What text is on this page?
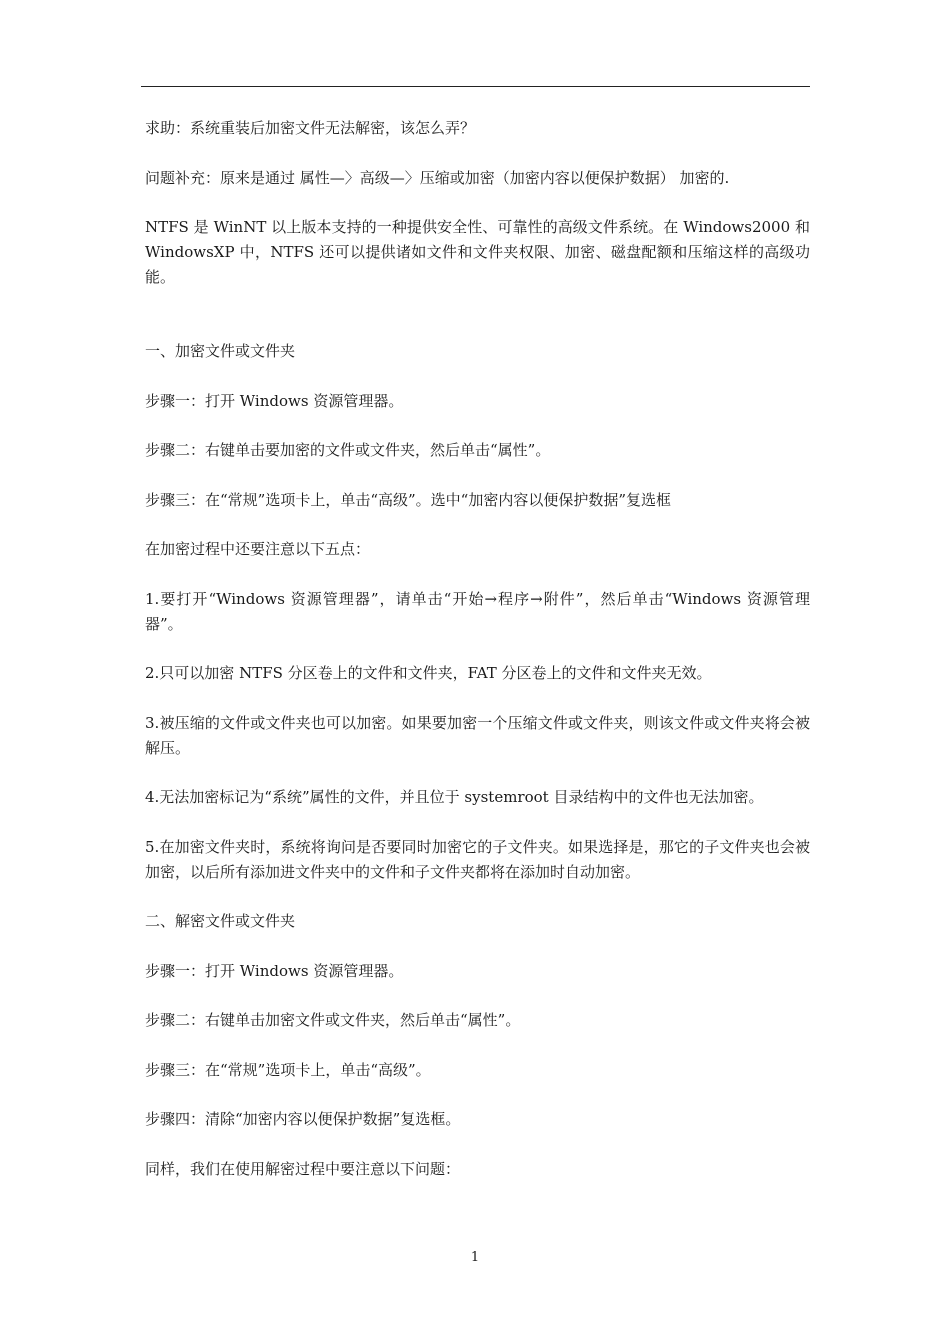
求助：系统重装后加密文件无法解密，该怎么弄？

问题补充：原来是通过 属性—〉高级—〉压缩或加密（加密内容以便保护数据） 加密的.

NTFS 是 WinNT 以上版本支持的一种提供安全性、可靠性的高级文件系统。在 Windows2000 和 WindowsXP 中，NTFS 还可以提供诸如文件和文件夹权限、加密、磁盘配额和压缩这样的高级功能。

一、加密文件或文件夹

步骤一：打开 Windows 资源管理器。

步骤二：右键单击要加密的文件或文件夹，然后单击“属性”。

步骤三：在“常规”选项卡上，单击“高级”。选中“加密内容以便保护数据”复选框

在加密过程中还要注意以下五点：

1.要打开“Windows 资源管理器”，请单击“开始→程序→附件”，然后单击“Windows 资源管理器”。

2.只可以加密 NTFS 分区卷上的文件和文件夹，FAT 分区卷上的文件和文件夹无效。

3.被压缩的文件或文件夹也可以加密。如果要加密一个压缩文件或文件夹，则该文件或文件夹将会被解压。

4.无法加密标记为“系统”属性的文件，并且位于 systemroot 目录结构中的文件也无法加密。

5.在加密文件夹时，系统将询问是否要同时加密它的子文件夹。如果选择是，那它的子文件夹也会被加密，以后所有添加进文件夹中的文件和子文件夹都将在添加时自动加密。

二、解密文件或文件夹

步骤一：打开 Windows 资源管理器。

步骤二：右键单击加密文件或文件夹，然后单击“属性”。

步骤三：在“常规”选项卡上，单击“高级”。

步骤四：清除“加密内容以便保护数据”复选框。

同样，我们在使用解密过程中要注意以下问题：

1
